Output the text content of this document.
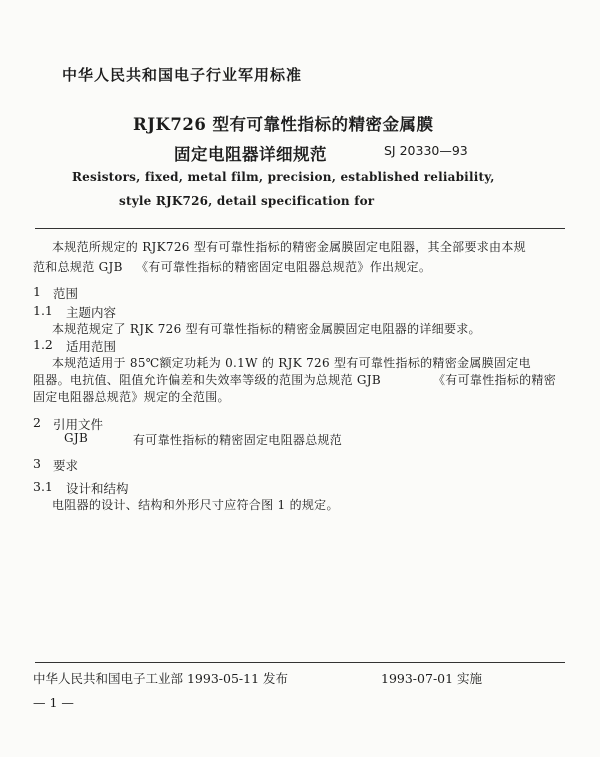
中华人民共和国电子行业军用标准
RJK726 型有可靠性指标的精密金属膜
固定电阻器详细规范	SJ 20330—93
Resistors, fixed, metal film, precision, established reliability,
style RJK726, detail specification for
本规范所规定的 RJK726 型有可靠性指标的精密金属膜固定电阻器，其全部要求由本规
范和总规范 GJB 《有可靠性指标的精密固定电阻器总规范》作出规定。
1 范围
1.1 主题内容
本规范规定了 RJK 726 型有可靠性指标的精密金属膜固定电阻器的详细要求。
1.2 适用范围
本规范适用于 85℃额定功耗为 0.1W 的 RJK 726 型有可靠性指标的精密金属膜固定电
阻器。电抗值、阻值允许偏差和失效率等级的范围为总规范 GJB	《有可靠性指标的精密
固定电阻器总规范》规定的全范围。
2 引用文件
GJB	有可靠性指标的精密固定电阻器总规范
3 要求
3.1 设计和结构
电阻器的设计、结构和外形尺寸应符合图 1 的规定。
中华人民共和国电子工业部 1993-05-11 发布	1993-07-01 实施
— 1 —
